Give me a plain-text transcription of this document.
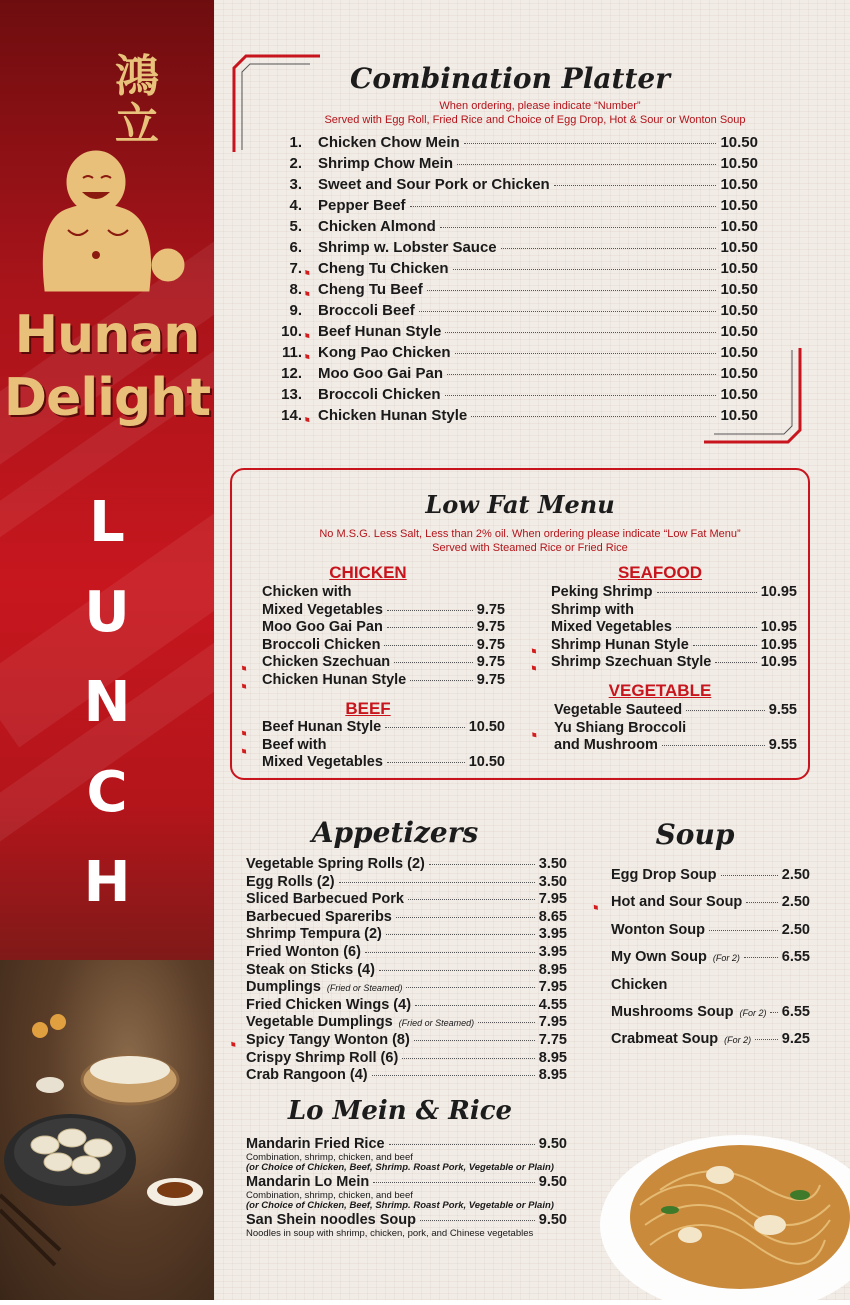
鴻
立
Hunan
Delight
L
U
N
C
H
Combination Platter
When ordering, please indicate “Number”
Served with Egg Roll, Fried Rice and Choice of Egg Drop, Hot & Sour or Wonton Soup
1. Chicken Chow Mein	10.50
2. Shrimp Chow Mein	10.50
3. Sweet and Sour Pork or Chicken	10.50
4. Pepper Beef	10.50
5. Chicken Almond	10.50
6. Shrimp w. Lobster Sauce	10.50
7. ♦ Cheng Tu Chicken	10.50
8. ♦ Cheng Tu Beef	10.50
9. Broccoli Beef	10.50
10. ♦ Beef Hunan Style	10.50
11. ♦ Kong Pao Chicken	10.50
12. Moo Goo Gai Pan	10.50
13. Broccoli Chicken	10.50
14. ♦ Chicken Hunan Style	10.50
Low Fat Menu
No M.S.G. Less Salt, Less than 2% oil. When ordering please indicate “Low Fat Menu”
Served with Steamed Rice or Fried Rice
CHICKEN
Chicken with
Mixed Vegetables	9.75
Moo Goo Gai Pan	9.75
Broccoli Chicken	9.75
♦ Chicken Szechuan	9.75
♦ Chicken Hunan Style	9.75
BEEF
♦ Beef Hunan Style	10.50
♦ Beef with
Mixed Vegetables	10.50
SEAFOOD
Peking Shrimp	10.95
Shrimp with
Mixed Vegetables	10.95
♦ Shrimp Hunan Style	10.95
♦ Shrimp Szechuan Style	10.95
VEGETABLE
Vegetable Sauteed	9.55
♦ Yu Shiang Broccoli
and Mushroom	9.55
Appetizers
Vegetable Spring Rolls (2)	3.50
Egg Rolls (2)	3.50
Sliced Barbecued Pork	7.95
Barbecued Spareribs	8.65
Shrimp Tempura (2)	3.95
Fried Wonton (6)	3.95
Steak on Sticks (4)	8.95
Dumplings (Fried or Steamed)	7.95
Fried Chicken Wings (4)	4.55
Vegetable Dumplings (Fried or Steamed)	7.95
♦ Spicy Tangy Wonton (8)	7.75
Crispy Shrimp Roll (6)	8.95
Crab Rangoon (4)	8.95
Soup
Egg Drop Soup	2.50
♦ Hot and Sour Soup	2.50
Wonton Soup	2.50
My Own Soup (For 2)	6.55
Chicken
Mushrooms Soup (For 2) 6.55
Crabmeat Soup (For 2) 9.25
Lo Mein & Rice
Mandarin Fried Rice	9.50
Combination, shrimp, chicken, and beef
(or Choice of Chicken, Beef, Shrimp. Roast Pork, Vegetable or Plain)
Mandarin Lo Mein	9.50
Combination, shrimp, chicken, and beef
(or Choice of Chicken, Beef, Shrimp. Roast Pork, Vegetable or Plain)
San Shein noodles Soup	9.50
Noodles in soup with shrimp, chicken, pork, and Chinese vegetables
